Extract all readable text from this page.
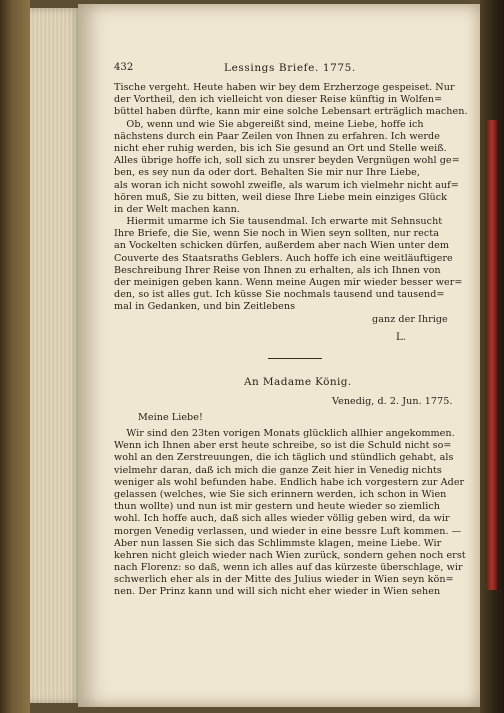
432

	Lessings Briefe. 1775.

Tische vergeht. Heute haben wir bey dem Erzherzoge gespeiset. Nur
der Vortheil, den ich vielleicht von dieser Reise künftig in Wolfen=
büttel haben dürfte, kann mir eine solche Lebensart erträglich machen.
Ob, wenn und wie Sie abgereißt sind, meine Liebe, hoffe ich
nächstens durch ein Paar Zeilen von Ihnen zu erfahren. Ich werde
nicht eher ruhig werden, bis ich Sie gesund an Ort und Stelle weiß.
Alles übrige hoffe ich, soll sich zu unsrer beyden Vergnügen wohl ge=
ben, es sey nun da oder dort. Behalten Sie mir nur Ihre Liebe,
als woran ich nicht sowohl zweifle, als warum ich vielmehr nicht auf=
hören muß, Sie zu bitten, weil diese Ihre Liebe mein einziges Glück
in der Welt machen kann.
Hiermit umarme ich Sie tausendmal. Ich erwarte mit Sehnsucht
Ihre Briefe, die Sie, wenn Sie noch in Wien seyn sollten, nur recta
an Vockelten schicken dürfen, außerdem aber nach Wien unter dem
Couverte des Staatsraths Geblers. Auch hoffe ich eine weitläuftigere
Beschreibung Ihrer Reise von Ihnen zu erhalten, als ich Ihnen von
der meinigen geben kann. Wenn meine Augen mir wieder besser wer=
den, so ist alles gut. Ich küsse Sie nochmals tausend und tausend=
mal in Gedanken, und bin Zeitlebens
ganz der Ihrige
L.
An Madame König.
Venedig, d. 2. Jun. 1775.
Meine Liebe!
Wir sind den 23ten vorigen Monats glücklich allhier angekommen.
Wenn ich Ihnen aber erst heute schreibe, so ist die Schuld nicht so=
wohl an den Zerstreuungen, die ich täglich und stündlich gehabt, als
vielmehr daran, daß ich mich die ganze Zeit hier in Venedig nichts
weniger als wohl befunden habe. Endlich habe ich vorgestern zur Ader
gelassen (welches, wie Sie sich erinnern werden, ich schon in Wien
thun wollte) und nun ist mir gestern und heute wieder so ziemlich
wohl. Ich hoffe auch, daß sich alles wieder völlig geben wird, da wir
morgen Venedig verlassen, und wieder in eine bessre Luft kommen. —
Aber nun lassen Sie sich das Schlimmste klagen, meine Liebe. Wir
kehren nicht gleich wieder nach Wien zurück, sondern gehen noch erst
nach Florenz: so daß, wenn ich alles auf das kürzeste überschlage, wir
schwerlich eher als in der Mitte des Julius wieder in Wien seyn kön=
nen. Der Prinz kann und will sich nicht eher wieder in Wien sehen
